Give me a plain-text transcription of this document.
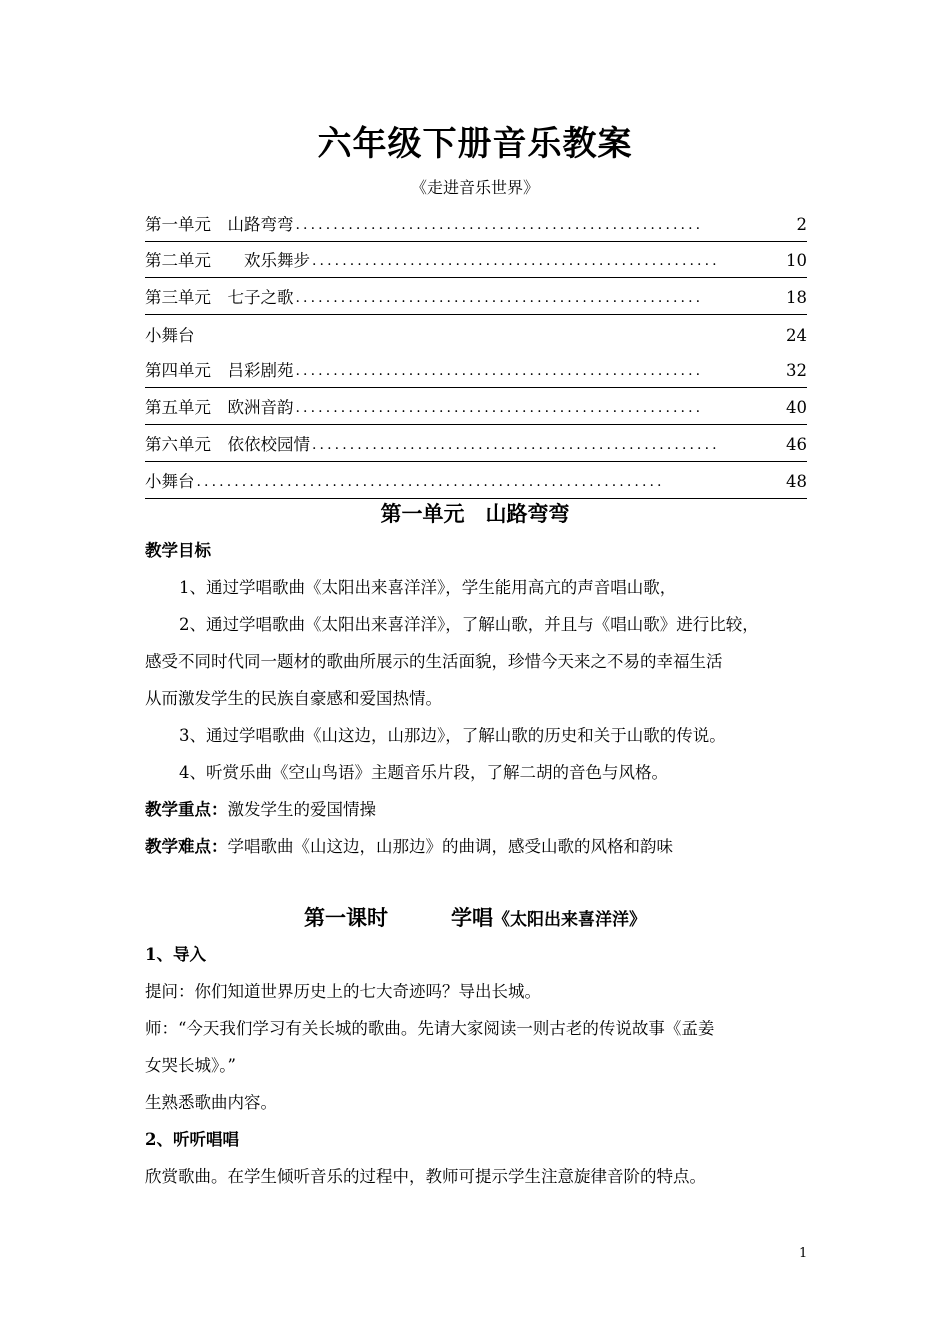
六年级下册音乐教案
《走进音乐世界》
第一单元　山路弯弯 ......................................................	2
第二单元　　欢乐舞步 ......................................................	10
第三单元　七子之歌 ......................................................	18
小舞台	24
第四单元　吕彩剧苑 ......................................................	32
第五单元　欧洲音韵 ......................................................	40
第六单元　依依校园情 ......................................................	46
小舞台 ..............................................................	48
第一单元　山路弯弯
教学目标
1、通过学唱歌曲《太阳出来喜洋洋》，学生能用高亢的声音唱山歌，
2、通过学唱歌曲《太阳出来喜洋洋》，了解山歌，并且与《唱山歌》进行比较，
感受不同时代同一题材的歌曲所展示的生活面貌，珍惜今天来之不易的幸福生活
从而激发学生的民族自豪感和爱国热情。
3、通过学唱歌曲《山这边，山那边》，了解山歌的历史和关于山歌的传说。
4、听赏乐曲《空山鸟语》主题音乐片段，了解二胡的音色与风格。
教学重点：激发学生的爱国情操
教学难点：学唱歌曲《山这边，山那边》的曲调，感受山歌的风格和韵味
第一课时　　　学唱《太阳出来喜洋洋》
1、导入
提问：你们知道世界历史上的七大奇迹吗？导出长城。
师：“今天我们学习有关长城的歌曲。先请大家阅读一则古老的传说故事《孟姜
女哭长城》。”
生熟悉歌曲内容。
2、听听唱唱
欣赏歌曲。在学生倾听音乐的过程中，教师可提示学生注意旋律音阶的特点。
1
